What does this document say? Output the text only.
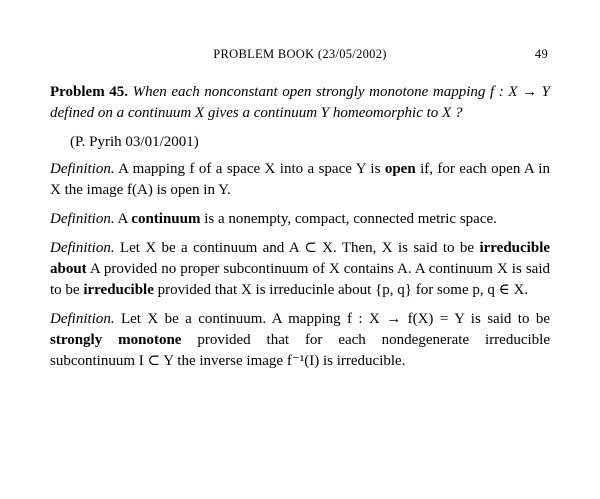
PROBLEM BOOK (23/05/2002)	49

Problem 45. When each nonconstant open strongly monotone mapping f : X → Y defined on a continuum X gives a continuum Y homeomorphic to X ?

(P. Pyrih 03/01/2001)

Definition. A mapping f of a space X into a space Y is open if, for each open A in X the image f(A) is open in Y.

Definition. A continuum is a nonempty, compact, connected metric space.

Definition. Let X be a continuum and A ⊂ X. Then, X is said to be irreducible about A provided no proper subcontinuum of X contains A. A continuum X is said to be irreducible provided that X is irreducinle about {p, q} for some p, q ∈ X.

Definition. Let X be a continuum. A mapping f : X → f(X) = Y is said to be strongly monotone provided that for each nondegenerate irreducible subcontinuum I ⊂ Y the inverse image f⁻¹(I) is irreducible.
